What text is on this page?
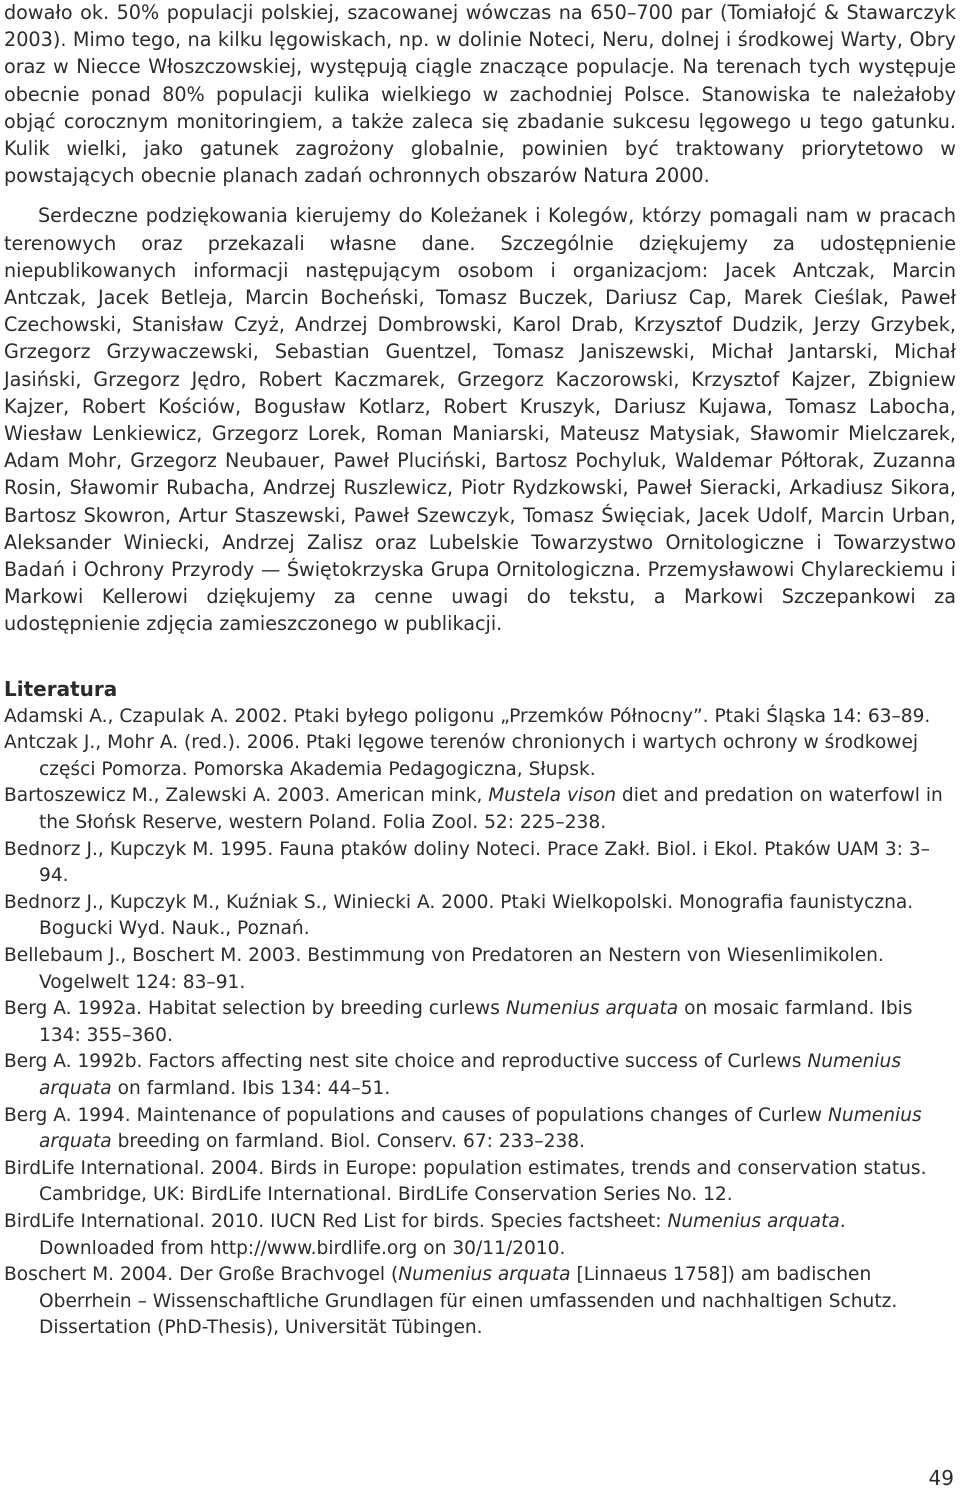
dowało ok. 50% populacji polskiej, szacowanej wówczas na 650–700 par (Tomiałojć & Stawarczyk 2003). Mimo tego, na kilku lęgowiskach, np. w dolinie Noteci, Neru, dolnej i środkowej Warty, Obry oraz w Niecce Włoszczowskiej, występują ciągle znaczące populacje. Na terenach tych występuje obecnie ponad 80% populacji kulika wielkiego w zachodniej Polsce. Stanowiska te należałoby objąć corocznym monitoringiem, a także zaleca się zbadanie sukcesu lęgowego u tego gatunku. Kulik wielki, jako gatunek zagrożony globalnie, powinien być traktowany priorytetowo w powstających obecnie planach zadań ochronnych obszarów Natura 2000.

Serdeczne podziękowania kierujemy do Koleżanek i Kolegów, którzy pomagali nam w pracach terenowych oraz przekazali własne dane. Szczególnie dziękujemy za udostępnienie niepublikowanych informacji następującym osobom i organizacjom: Jacek Antczak, Marcin Antczak, Jacek Betleja, Marcin Bocheński, Tomasz Buczek, Dariusz Cap, Marek Cieślak, Paweł Czechowski, Stanisław Czyż, Andrzej Dombrowski, Karol Drab, Krzysztof Dudzik, Jerzy Grzybek, Grzegorz Grzywaczewski, Sebastian Guentzel, Tomasz Janiszewski, Michał Jantarski, Michał Jasiński, Grzegorz Jędro, Robert Kaczmarek, Grzegorz Kaczorowski, Krzysztof Kajzer, Zbigniew Kajzer, Robert Kościów, Bogusław Kotlarz, Robert Kruszyk, Dariusz Kujawa, Tomasz Labocha, Wiesław Lenkiewicz, Grzegorz Lorek, Roman Maniarski, Mateusz Matysiak, Sławomir Mielczarek, Adam Mohr, Grzegorz Neubauer, Paweł Pluciński, Bartosz Pochyluk, Waldemar Półtorak, Zuzanna Rosin, Sławomir Rubacha, Andrzej Ruszlewicz, Piotr Rydzkowski, Paweł Sieracki, Arkadiusz Sikora, Bartosz Skowron, Artur Staszewski, Paweł Szewczyk, Tomasz Święciak, Jacek Udolf, Marcin Urban, Aleksander Winiecki, Andrzej Zalisz oraz Lubelskie Towarzystwo Ornitologiczne i Towarzystwo Badań i Ochrony Przyrody — Świętokrzyska Grupa Ornitologiczna. Przemysławowi Chylareckiemu i Markowi Kellerowi dziękujemy za cenne uwagi do tekstu, a Markowi Szczepankowi za udostępnienie zdjęcia zamieszczonego w publikacji.

Literatura

Adamski A., Czapulak A. 2002. Ptaki byłego poligonu „Przemków Północny”. Ptaki Śląska 14: 63–89.

Antczak J., Mohr A. (red.). 2006. Ptaki lęgowe terenów chronionych i wartych ochrony w środkowej części Pomorza. Pomorska Akademia Pedagogiczna, Słupsk.

Bartoszewicz M., Zalewski A. 2003. American mink, Mustela vison diet and predation on waterfowl in the Słońsk Reserve, western Poland. Folia Zool. 52: 225–238.

Bednorz J., Kupczyk M. 1995. Fauna ptaków doliny Noteci. Prace Zakł. Biol. i Ekol. Ptaków UAM 3: 3–94.

Bednorz J., Kupczyk M., Kuźniak S., Winiecki A. 2000. Ptaki Wielkopolski. Monografia faunistyczna. Bogucki Wyd. Nauk., Poznań.

Bellebaum J., Boschert M. 2003. Bestimmung von Predatoren an Nestern von Wiesenlimikolen. Vogelwelt 124: 83–91.

Berg A. 1992a. Habitat selection by breeding curlews Numenius arquata on mosaic farmland. Ibis 134: 355–360.

Berg A. 1992b. Factors affecting nest site choice and reproductive success of Curlews Numenius arquata on farmland. Ibis 134: 44–51.

Berg A. 1994. Maintenance of populations and causes of populations changes of Curlew Numenius arquata breeding on farmland. Biol. Conserv. 67: 233–238.

BirdLife International. 2004. Birds in Europe: population estimates, trends and conservation status. Cambridge, UK: BirdLife International. BirdLife Conservation Series No. 12.

BirdLife International. 2010. IUCN Red List for birds. Species factsheet: Numenius arquata. Downloaded from http://www.birdlife.org on 30/11/2010.

Boschert M. 2004. Der Große Brachvogel (Numenius arquata [Linnaeus 1758]) am badischen Oberrhein – Wissenschaftliche Grundlagen für einen umfassenden und nachhaltigen Schutz. Dissertation (PhD-Thesis), Universität Tübingen.

49
